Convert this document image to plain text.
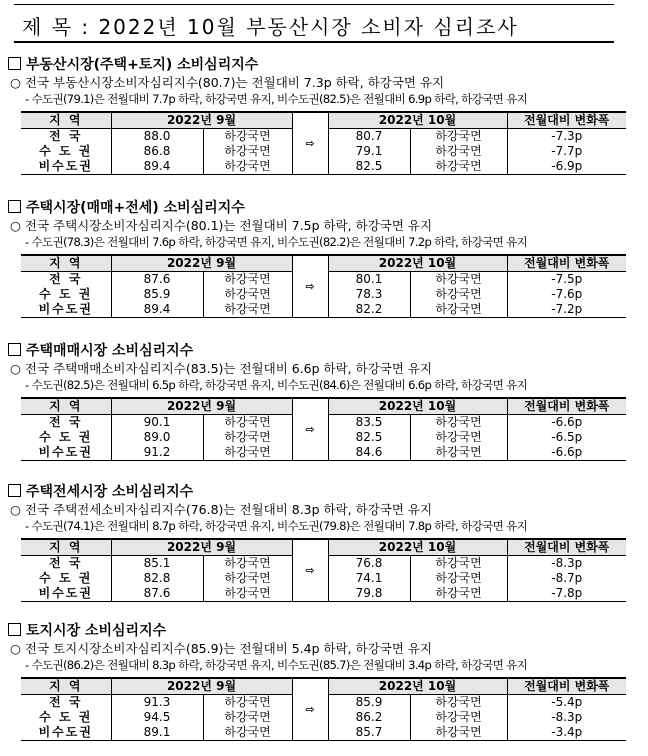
제 목 : 2022년 10월 부동산시장 소비자 심리조사
부동산시장(주택+토지) 소비심리지수
○ 전국 부동산시장소비자심리지수(80.7)는 전월대비 7.3p 하락, 하강국면 유지
- 수도권(79.1)은 전월대비 7.7p 하락, 하강국면 유지, 비수도권(82.5)은 전월대비 6.9p 하락, 하강국면 유지
지 역	2022년 9월		⇨	2022년 10월		전월대비 변화폭
전 국	88.0	하강국면		80.7	하강국면	-7.3p
수 도 권	86.8	하강국면		79.1	하강국면	-7.7p
비수도권	89.4	하강국면		82.5	하강국면	-6.9p
주택시장(매매+전세) 소비심리지수
○ 전국 주택시장소비자심리지수(80.1)는 전월대비 7.5p 하락, 하강국면 유지
- 수도권(78.3)은 전월대비 7.6p 하락, 하강국면 유지, 비수도권(82.2)은 전월대비 7.2p 하락, 하강국면 유지
지 역	2022년 9월		⇨	2022년 10월		전월대비 변화폭
전 국	87.6	하강국면		80.1	하강국면	-7.5p
수 도 권	85.9	하강국면		78.3	하강국면	-7.6p
비수도권	89.4	하강국면		82.2	하강국면	-7.2p
주택매매시장 소비심리지수
○ 전국 주택매매소비자심리지수(83.5)는 전월대비 6.6p 하락, 하강국면 유지
- 수도권(82.5)은 전월대비 6.5p 하락, 하강국면 유지, 비수도권(84.6)은 전월대비 6.6p 하락, 하강국면 유지
지 역	2022년 9월		⇨	2022년 10월		전월대비 변화폭
전 국	90.1	하강국면		83.5	하강국면	-6.6p
수 도 권	89.0	하강국면		82.5	하강국면	-6.5p
비수도권	91.2	하강국면		84.6	하강국면	-6.6p
주택전세시장 소비심리지수
○ 전국 주택전세소비자심리지수(76.8)는 전월대비 8.3p 하락, 하강국면 유지
- 수도권(74.1)은 전월대비 8.7p 하락, 하강국면 유지, 비수도권(79.8)은 전월대비 7.8p 하락, 하강국면 유지
지 역	2022년 9월		⇨	2022년 10월		전월대비 변화폭
전 국	85.1	하강국면		76.8	하강국면	-8.3p
수 도 권	82.8	하강국면		74.1	하강국면	-8.7p
비수도권	87.6	하강국면		79.8	하강국면	-7.8p
토지시장 소비심리지수
○ 전국 토지시장소비자심리지수(85.9)는 전월대비 5.4p 하락, 하강국면 유지
- 수도권(86.2)은 전월대비 8.3p 하락, 하강국면 유지, 비수도권(85.7)은 전월대비 3.4p 하락, 하강국면 유지
지 역	2022년 9월		⇨	2022년 10월		전월대비 변화폭
전 국	91.3	하강국면		85.9	하강국면	-5.4p
수 도 권	94.5	하강국면		86.2	하강국면	-8.3p
비수도권	89.1	하강국면		85.7	하강국면	-3.4p
